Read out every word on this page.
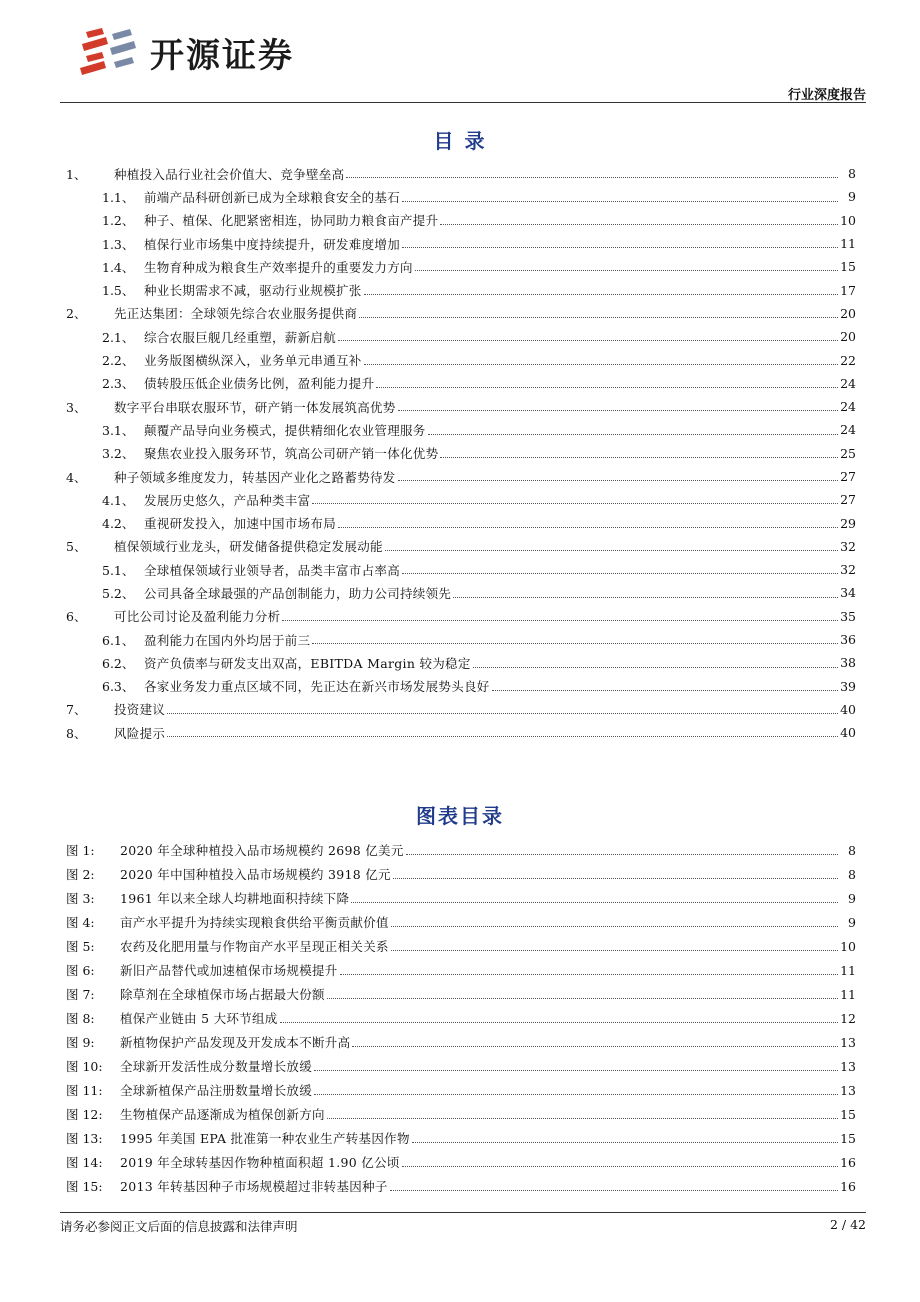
开源证券
行业深度报告
目 录
1、	种植投入品行业社会价值大、竞争壁垒高	8
1.1、 前端产品科研创新已成为全球粮食安全的基石	9
1.2、 种子、植保、化肥紧密相连，协同助力粮食亩产提升	10
1.3、 植保行业市场集中度持续提升，研发难度增加	11
1.4、 生物育种成为粮食生产效率提升的重要发力方向	15
1.5、 种业长期需求不减，驱动行业规模扩张	17
2、	先正达集团：全球领先综合农业服务提供商	20
2.1、 综合农服巨舰几经重塑，薪新启航	20
2.2、 业务版图横纵深入，业务单元串通互补	22
2.3、 债转股压低企业债务比例，盈利能力提升	24
3、	数字平台串联农服环节，研产销一体发展筑高优势	24
3.1、 颠覆产品导向业务模式，提供精细化农业管理服务	24
3.2、 聚焦农业投入服务环节，筑高公司研产销一体化优势	25
4、	种子领域多维度发力，转基因产业化之路蓄势待发	27
4.1、 发展历史悠久，产品种类丰富	27
4.2、 重视研发投入，加速中国市场布局	29
5、	植保领域行业龙头，研发储备提供稳定发展动能	32
5.1、 全球植保领域行业领导者，品类丰富市占率高	32
5.2、 公司具备全球最强的产品创制能力，助力公司持续领先	34
6、	可比公司讨论及盈利能力分析	35
6.1、 盈利能力在国内外均居于前三	36
6.2、 资产负债率与研发支出双高，EBITDA Margin 较为稳定	38
6.3、 各家业务发力重点区域不同，先正达在新兴市场发展势头良好	39
7、	投资建议	40
8、	风险提示	40
图表目录
图 1:	2020 年全球种植投入品市场规模约 2698 亿美元	8
图 2:	2020 年中国种植投入品市场规模约 3918 亿元	8
图 3:	1961 年以来全球人均耕地面积持续下降	9
图 4:	亩产水平提升为持续实现粮食供给平衡贡献价值	9
图 5:	农药及化肥用量与作物亩产水平呈现正相关关系	10
图 6:	新旧产品替代或加速植保市场规模提升	11
图 7:	除草剂在全球植保市场占据最大份额	11
图 8:	植保产业链由 5 大环节组成	12
图 9:	新植物保护产品发现及开发成本不断升高	13
图 10:	全球新开发活性成分数量增长放缓	13
图 11:	全球新植保产品注册数量增长放缓	13
图 12:	生物植保产品逐渐成为植保创新方向	15
图 13:	1995 年美国 EPA 批准第一种农业生产转基因作物	15
图 14:	2019 年全球转基因作物种植面积超 1.90 亿公顷	16
图 15:	2013 年转基因种子市场规模超过非转基因种子	16
请务必参阅正文后面的信息披露和法律声明	2 / 42
